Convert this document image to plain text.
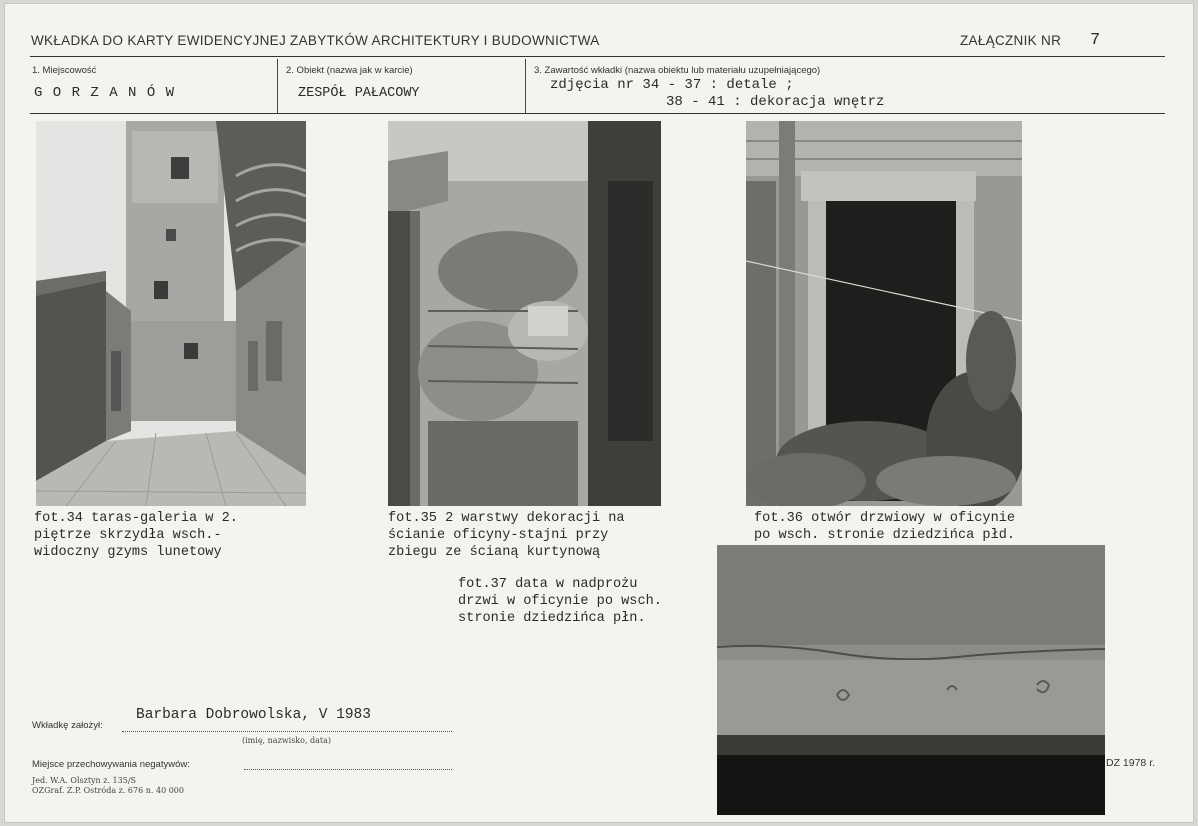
WKŁADKA DO KARTY EWIDENCYJNEJ ZABYTKÓW ARCHITEKTURY I BUDOWNICTWA	ZAŁĄCZNIK NR 7
1. Miejscowość
G O R Z A N Ó W
2. Obiekt (nazwa jak w karcie)
ZESPÓŁ PAŁACOWY
3. Zawartość wkładki (nazwa obiektu lub materiału uzupełniającego)
zdjęcia nr 34 - 37 : detale ;
38 - 41 : dekoracja wnętrz
fot.34 taras-galeria w 2.
piętrze skrzydła wsch.-
widoczny gzyms lunetowy
fot.35 2 warstwy dekoracji na
ścianie oficyny-stajni przy
zbiegu ze ścianą kurtynową
fot.36 otwór drzwiowy w oficynie
po wsch. stronie dziedzińca płd.
fot.37 data w nadprożu
drzwi w oficynie po wsch.
stronie dziedzińca płn.
Wkładkę założył:
Barbara Dobrowolska, V 1983
(imię, nazwisko, data)
Miejsce przechowywania negatywów:
Jed. W.A. Olsztyn z. 135/S
OZGraf. Z.P. Ostróda z. 676 n. 40 000
DZ 1978 r.
